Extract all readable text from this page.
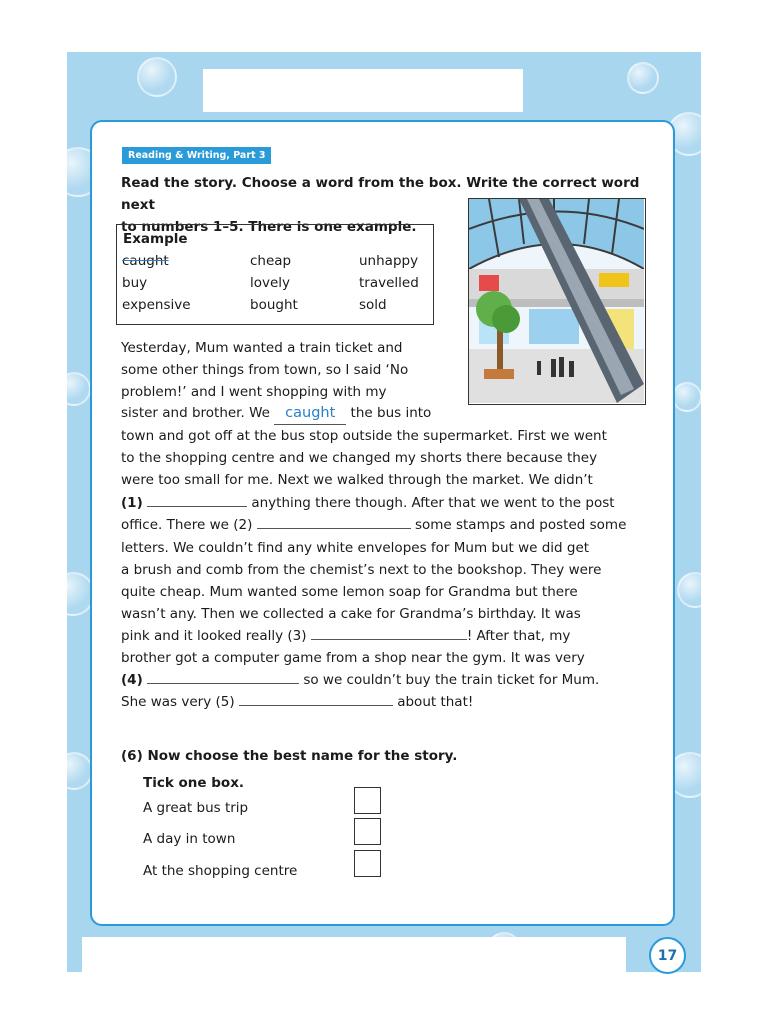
Reading & Writing, Part 3
Read the story. Choose a word from the box. Write the correct word next
to numbers 1–5. There is one example.
Example
caught	cheap	unhappy
buy	lovely	travelled
expensive	bought	sold
Yesterday, Mum wanted a train ticket and
some other things from town, so I said ‘No
problem!’ and I went shopping with my
sister and brother. We caught the bus into
town and got off at the bus stop outside the supermarket. First we went
to the shopping centre and we changed my shorts there because they
were too small for me. Next we walked through the market. We didn’t
(1)	anything there though. After that we went to the post
office. There we (2)	some stamps and posted some
letters. We couldn’t find any white envelopes for Mum but we did get
a brush and comb from the chemist’s next to the bookshop. They were
quite cheap. Mum wanted some lemon soap for Grandma but there
wasn’t any. Then we collected a cake for Grandma’s birthday. It was
pink and it looked really (3)	! After that, my
brother got a computer game from a shop near the gym. It was very
(4)	so we couldn’t buy the train ticket for Mum.
She was very (5)	about that!
(6) Now choose the best name for the story.
Tick one box.
A great bus trip
A day in town
At the shopping centre
17
